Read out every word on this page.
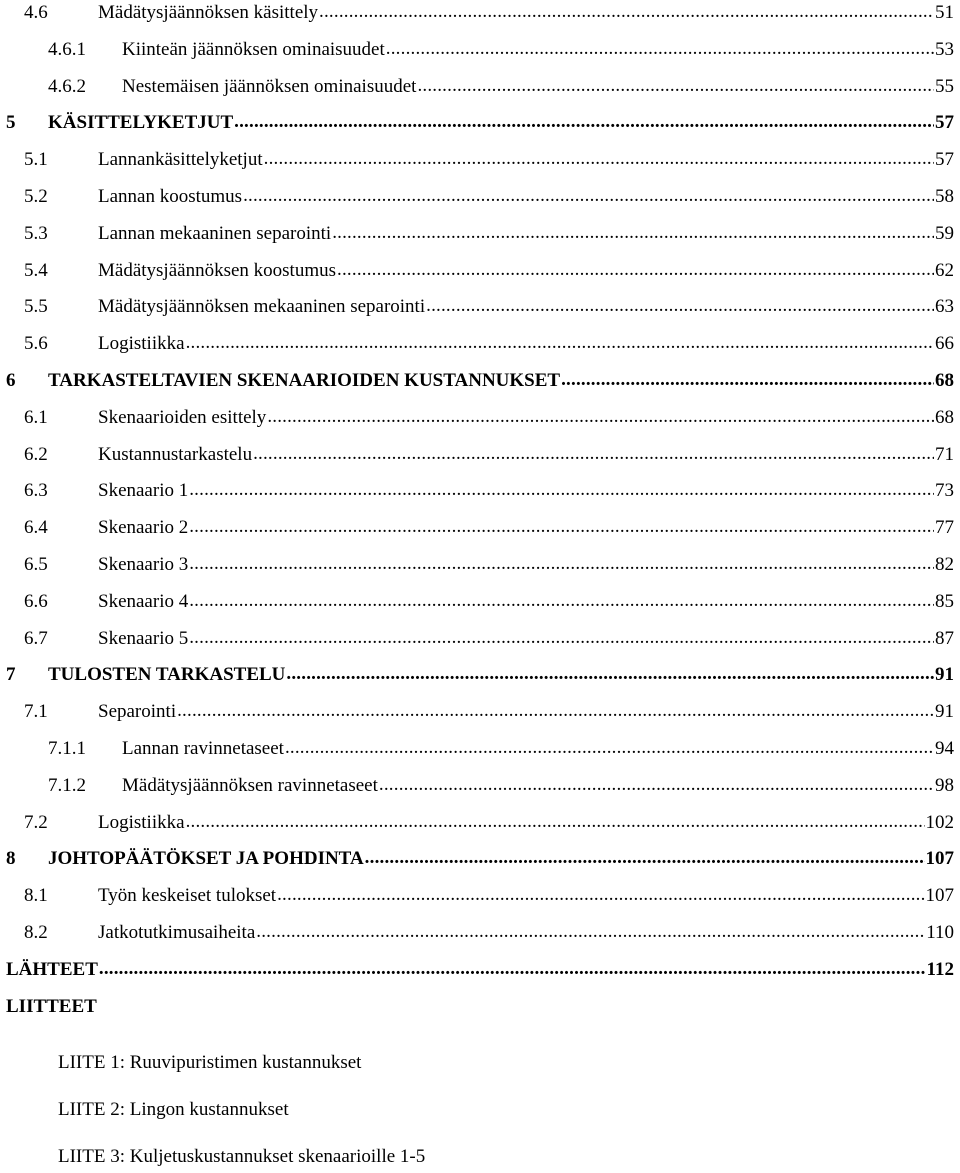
4.6	Mädätysjäännöksen käsittely .....	51
4.6.1	Kiinteän jäännöksen ominaisuudet .....	53
4.6.2	Nestemäisen jäännöksen ominaisuudet .....	55
5	KÄSITTELYKETJUT .....	57
5.1	Lannankäsittelyketjut .....	57
5.2	Lannan koostumus .....	58
5.3	Lannan mekaaninen separointi .....	59
5.4	Mädätysjäännöksen koostumus .....	62
5.5	Mädätysjäännöksen mekaaninen separointi .....	63
5.6	Logistiikka .....	66
6	TARKASTELTAVIEN SKENAARIOIDEN KUSTANNUKSET .....	68
6.1	Skenaarioiden esittely .....	68
6.2	Kustannustarkastelu .....	71
6.3	Skenaario 1 .....	73
6.4	Skenaario 2 .....	77
6.5	Skenaario 3 .....	82
6.6	Skenaario 4 .....	85
6.7	Skenaario 5 .....	87
7	TULOSTEN TARKASTELU .....	91
7.1	Separointi .....	91
7.1.1	Lannan ravinnetaseet .....	94
7.1.2	Mädätysjäännöksen ravinnetaseet .....	98
7.2	Logistiikka .....	102
8	JOHTOPÄÄTÖKSET JA POHDINTA .....	107
8.1	Työn keskeiset tulokset .....	107
8.2	Jatkotutkimusaiheita .....	110
LÄHTEET .....	112
LIITTEET
LIITE 1: Ruuvipuristimen kustannukset
LIITE 2: Lingon kustannukset
LIITE 3: Kuljetuskustannukset skenaarioille 1-5
